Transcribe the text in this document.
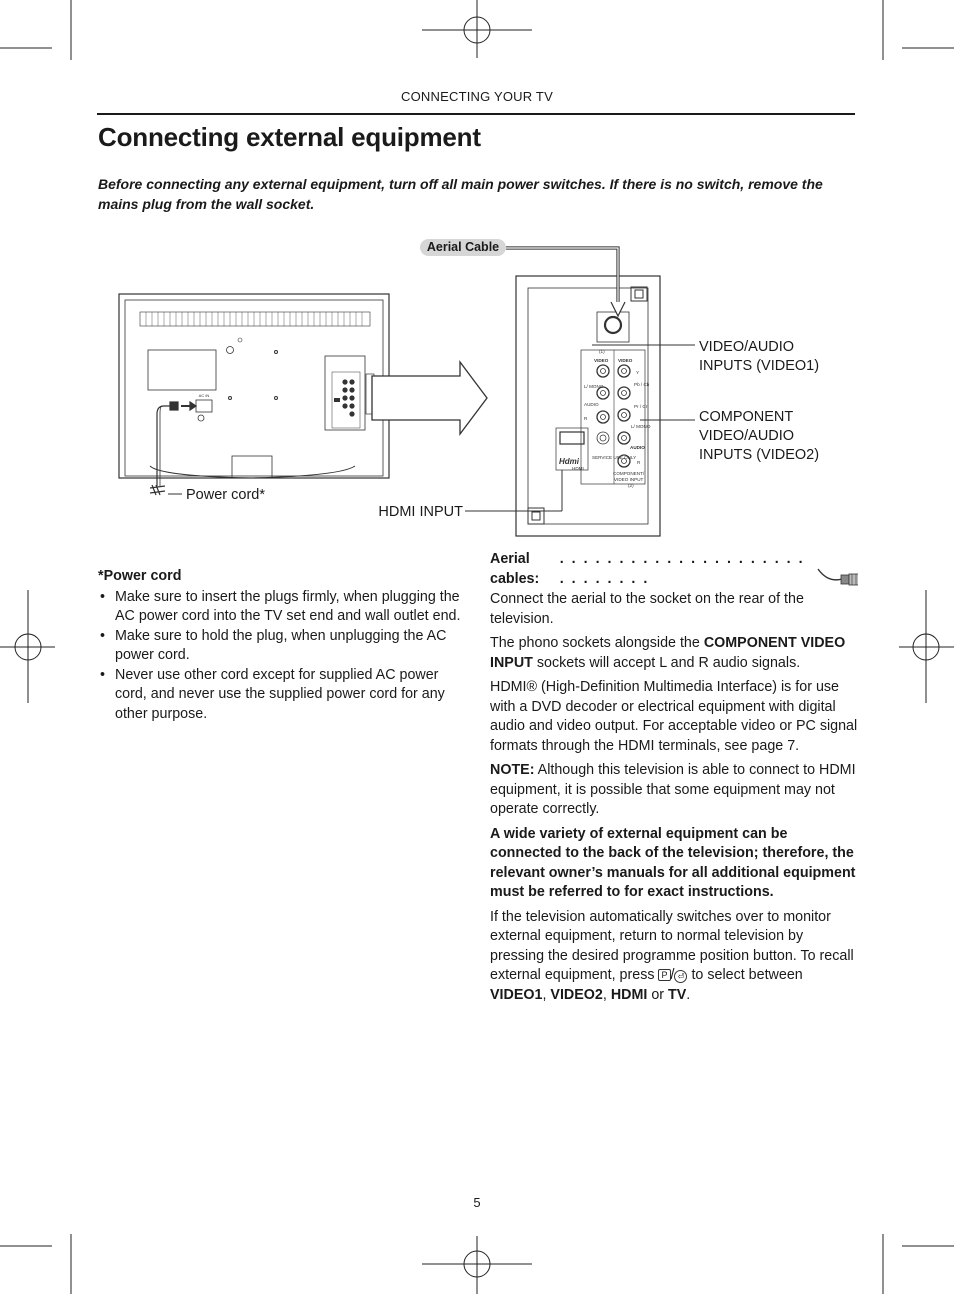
CONNECTING YOUR TV
Connecting external equipment
Before connecting any external equipment, turn off all main power switches. If there is no switch, remove the mains plug from the wall socket.
Aerial Cable
AC IN
Power cord*
(1)
VIDEO VIDEO
L/ MONO
AUDIO
R
Y
Pb / Cb
Pr / Cr
L/ MONO
AUDIO
R
SERVICE USE ONLY
COMPONENT/
VIDEO INPUT
(2)
HDMI
Hdmi
VIDEO/AUDIO
INPUTS (VIDEO1)
COMPONENT
VIDEO/AUDIO
INPUTS (VIDEO2)
HDMI INPUT
*Power cord
• Make sure to insert the plugs firmly, when plugging the AC power cord into the TV set end and wall outlet end.
• Make sure to hold the plug, when unplugging the AC power cord.
• Never use other cord except for supplied AC power cord, and never use the supplied power cord for any other purpose.
Aerial cables:
. . . . . . . . . . . . . . . . . . . . . . . . . . . . .

Connect the aerial to the socket on the rear of the television.

The phono sockets alongside the COMPONENT VIDEO INPUT sockets will accept L and R audio signals.

HDMI® (High-Definition Multimedia Interface) is for use with a DVD decoder or electrical equipment with digital audio and video output. For acceptable video or PC signal formats through the HDMI terminals, see page 7.

NOTE: Although this television is able to connect to HDMI equipment, it is possible that some equipment may not operate correctly.

A wide variety of external equipment can be connected to the back of the television; therefore, the relevant owner’s manuals for all additional equipment must be referred to for exact instructions.

If the television automatically switches over to monitor external equipment, return to normal television by pressing the desired programme position button. To recall external equipment, press P / ⏎ to select between VIDEO1, VIDEO2, HDMI or TV.

5
